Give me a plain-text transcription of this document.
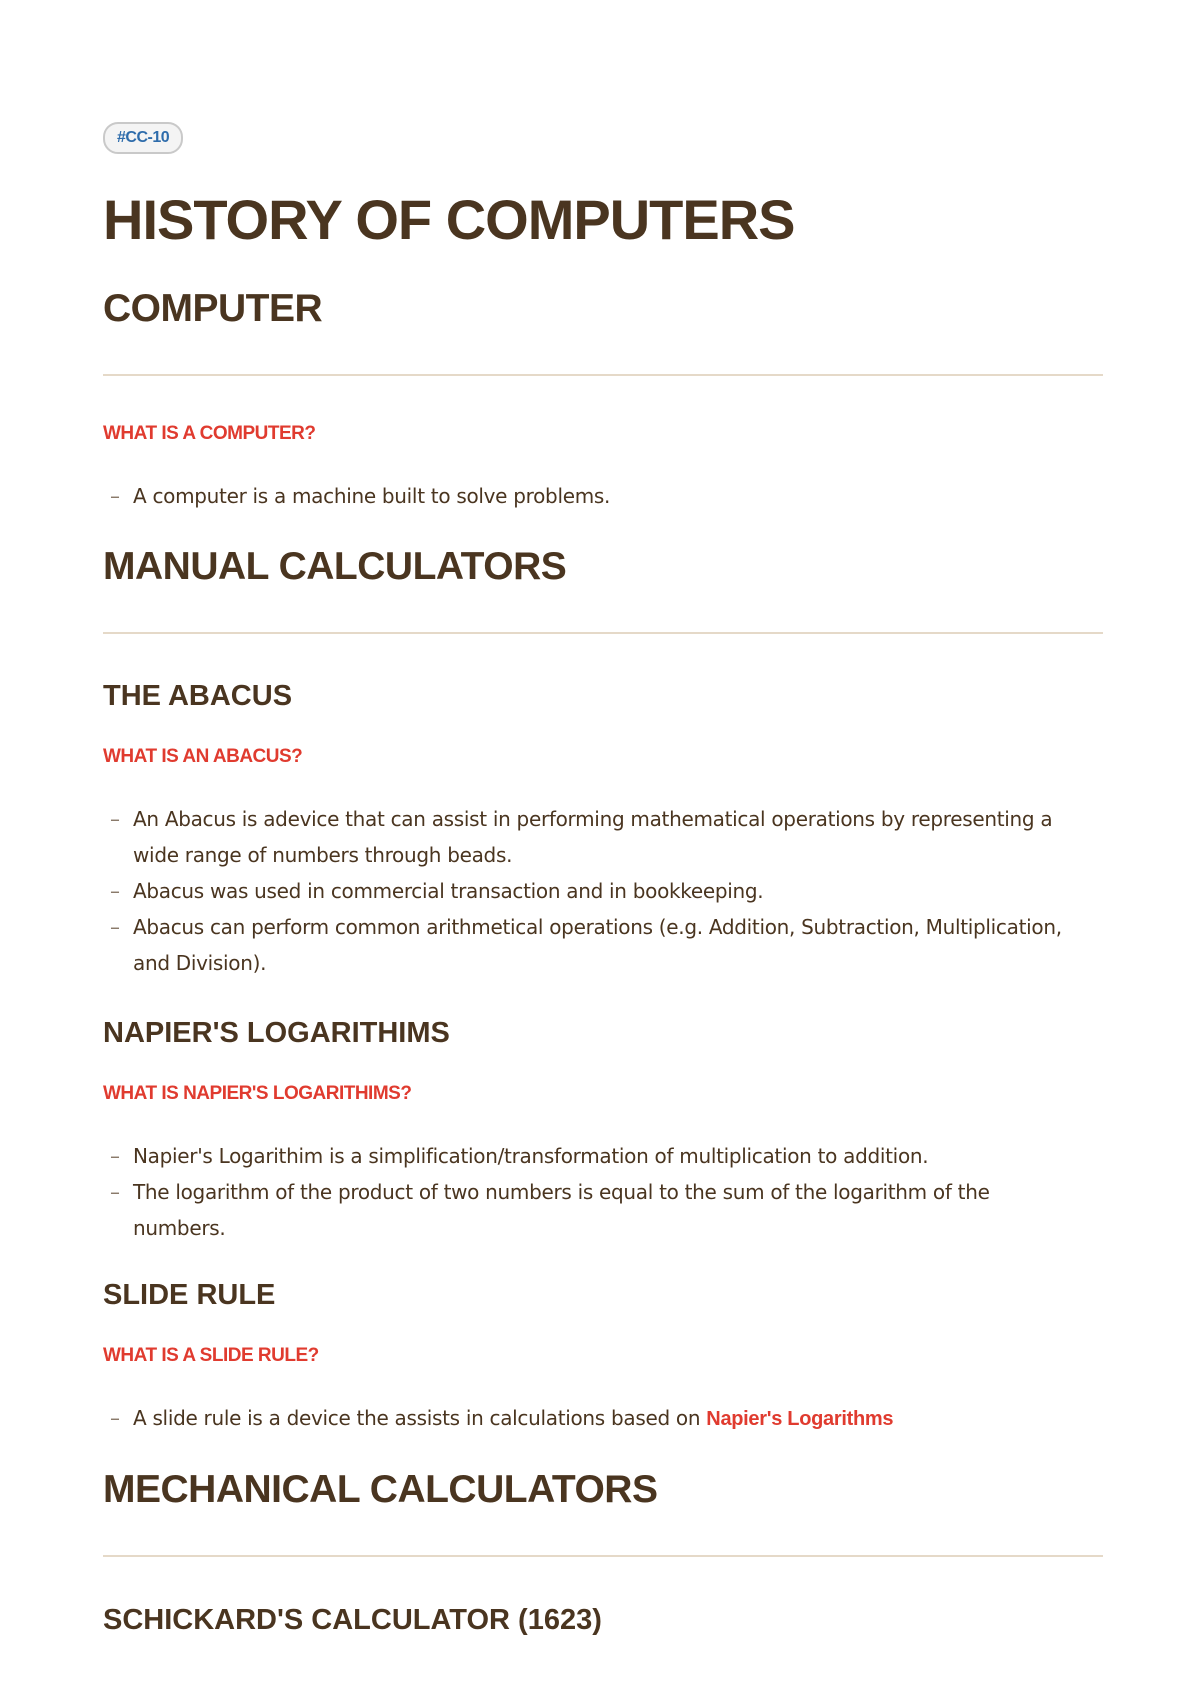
#CC-10
HISTORY OF COMPUTERS
COMPUTER
WHAT IS A COMPUTER?
– A computer is a machine built to solve problems.
MANUAL CALCULATORS
THE ABACUS
WHAT IS AN ABACUS?
– An Abacus is adevice that can assist in performing mathematical operations by representing a wide range of numbers through beads.
– Abacus was used in commercial transaction and in bookkeeping.
– Abacus can perform common arithmetical operations (e.g. Addition, Subtraction, Multiplication, and Division).
NAPIER'S LOGARITHIMS
WHAT IS NAPIER'S LOGARITHIMS?
– Napier's Logarithim is a simplification/transformation of multiplication to addition.
– The logarithm of the product of two numbers is equal to the sum of the logarithm of the numbers.
SLIDE RULE
WHAT IS A SLIDE RULE?
– A slide rule is a device the assists in calculations based on Napier's Logarithms
MECHANICAL CALCULATORS
SCHICKARD'S CALCULATOR (1623)
